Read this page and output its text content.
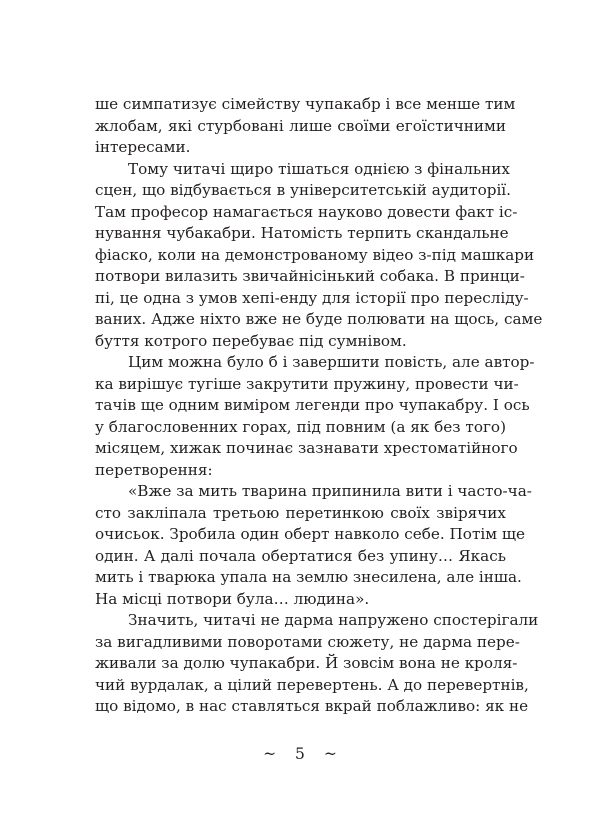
ше симпатизує сімейству чупакабр і все менше тим
жлобам, які стурбовані лише своїми егоїстичними
інтересами.
Тому читачі щиро тішаться однією з фінальних
сцен, що відбувається в університетській аудиторії.
Там професор намагається науково довести факт іс-
нування чубакабри. Натомість терпить скандальне
фіаско, коли на демонстрованому відео з-під машкари
потвори вилазить звичайнісінький собака. В принци-
пі, це одна з умов хепі-енду для історії про пересліду-
ваних. Адже ніхто вже не буде полювати на щось, саме
буття котрого перебуває під сумнівом.
Цим можна було б і завершити повість, але автор-
ка вирішує тугіше закрутити пружину, провести чи-
тачів ще одним виміром легенди про чупакабру. І ось
у благословенних горах, під повним (а як без того)
місяцем, хижак починає зазнавати хрестоматійного
перетворення:
«Вже за мить тварина припинила вити і часто-ча-
сто закліпала третьою перетинкою своїх звірячих
очисьок. Зробила один оберт навколо себе. Потім ще
один. А далі почала обертатися без упину… Якась
мить і тварюка упала на землю знесилена, але інша.
На місці потвори була… людина».
Значить, читачі не дарма напружено спостерігали
за вигадливими поворотами сюжету, не дарма пере-
живали за долю чупакабри. Й зовсім вона не кроля-
чий вурдалак, а цілий перевертень. А до перевертнів,
що відомо, в нас ставляться вкрай поблажливо: як не
~ 5 ~
